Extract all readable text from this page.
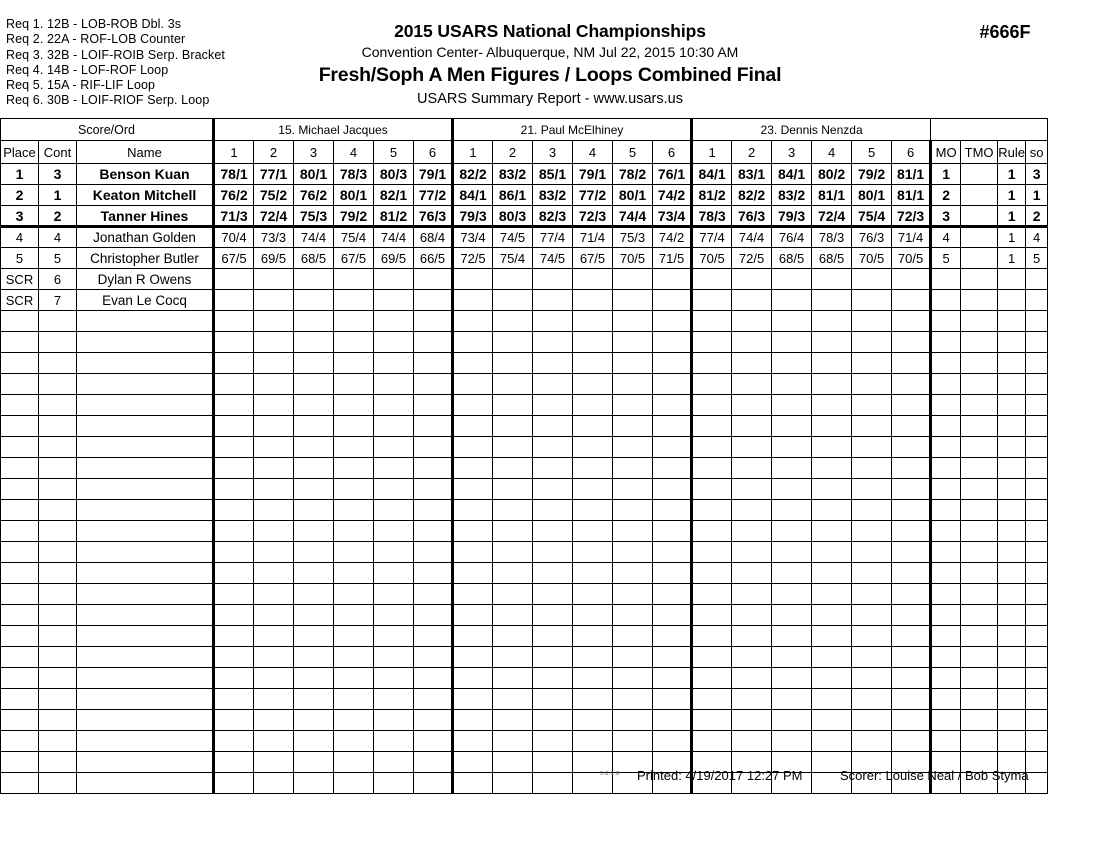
Req 1. 12B - LOB-ROB Dbl. 3s
Req 2. 22A - ROF-LOB Counter
Req 3. 32B - LOIF-ROIB Serp. Bracket
Req 4. 14B - LOF-ROF Loop
Req 5. 15A - RIF-LIF Loop
Req 6. 30B - LOIF-RIOF Serp. Loop
2015 USARS National Championships
Convention Center- Albuquerque, NM Jul 22, 2015 10:30 AM
Fresh/Soph A Men Figures / Loops Combined Final
USARS Summary Report - www.usars.us
#666F
Score/Ord			15. Michael Jacques						21. Paul McElhiney						23. Dennis Nenzda									
Place	Cont	Name	1	2	3	4	5	6	1	2	3	4	5	6	1	2	3	4	5	6	MO	TMO	Rule	so
1	3	Benson Kuan	78/1	77/1	80/1	78/3	80/3	79/1	82/2	83/2	85/1	79/1	78/2	76/1	84/1	83/1	84/1	80/2	79/2	81/1	1		1	3
2	1	Keaton Mitchell	76/2	75/2	76/2	80/1	82/1	77/2	84/1	86/1	83/2	77/2	80/1	74/2	81/2	82/2	83/2	81/1	80/1	81/1	2		1	1
3	2	Tanner Hines	71/3	72/4	75/3	79/2	81/2	76/3	79/3	80/3	82/3	72/3	74/4	73/4	78/3	76/3	79/3	72/4	75/4	72/3	3		1	2
4	4	Jonathan Golden	70/4	73/3	74/4	75/4	74/4	68/4	73/4	74/5	77/4	71/4	75/3	74/2	77/4	74/4	76/4	78/3	76/3	71/4	4		1	4
5	5	Christopher Butler	67/5	69/5	68/5	67/5	69/5	66/5	72/5	75/4	74/5	67/5	70/5	71/5	70/5	72/5	68/5	68/5	70/5	70/5	5		1	5
SCR	6	Dylan R Owens																						
SCR	7	Evan Le Cocq																						

3.8.1.8 Printed: 4/19/2017 12:27 PM	Scorer: Louise Neal / Bob Styma
